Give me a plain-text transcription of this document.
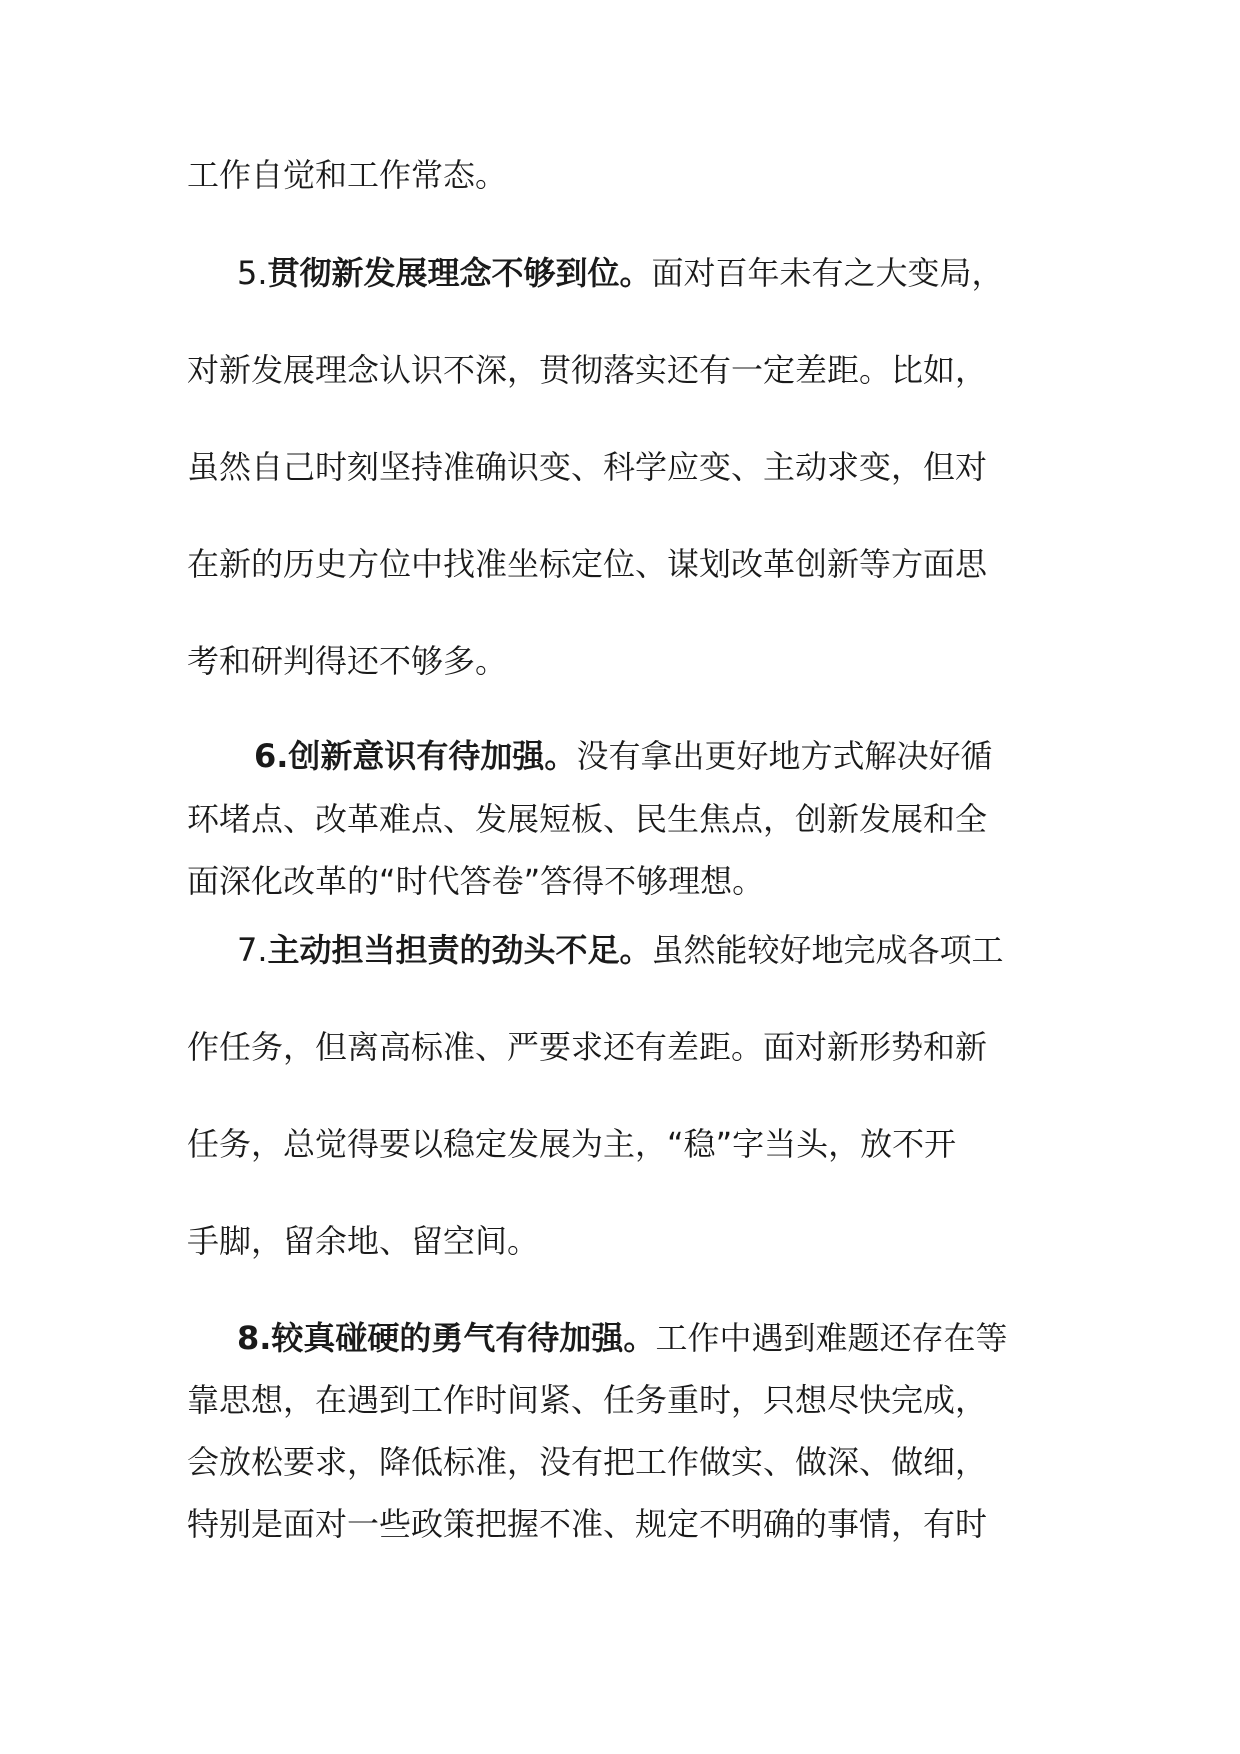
工作自觉和工作常态。

5.贯彻新发展理念不够到位。面对百年未有之大变局，

对新发展理念认识不深，贯彻落实还有一定差距。比如，

虽然自己时刻坚持准确识变、科学应变、主动求变，但对

在新的历史方位中找准坐标定位、谋划改革创新等方面思

考和研判得还不够多。

6.创新意识有待加强。没有拿出更好地方式解决好循

环堵点、改革难点、发展短板、民生焦点，创新发展和全

面深化改革的“时代答卷”答得不够理想。

7.主动担当担责的劲头不足。虽然能较好地完成各项工

作任务，但离高标准、严要求还有差距。面对新形势和新

任务，总觉得要以稳定发展为主，“稳”字当头，放不开

手脚，留余地、留空间。

8.较真碰硬的勇气有待加强。工作中遇到难题还存在等

靠思想，在遇到工作时间紧、任务重时，只想尽快完成，

会放松要求，降低标准，没有把工作做实、做深、做细，

特别是面对一些政策把握不准、规定不明确的事情，有时
